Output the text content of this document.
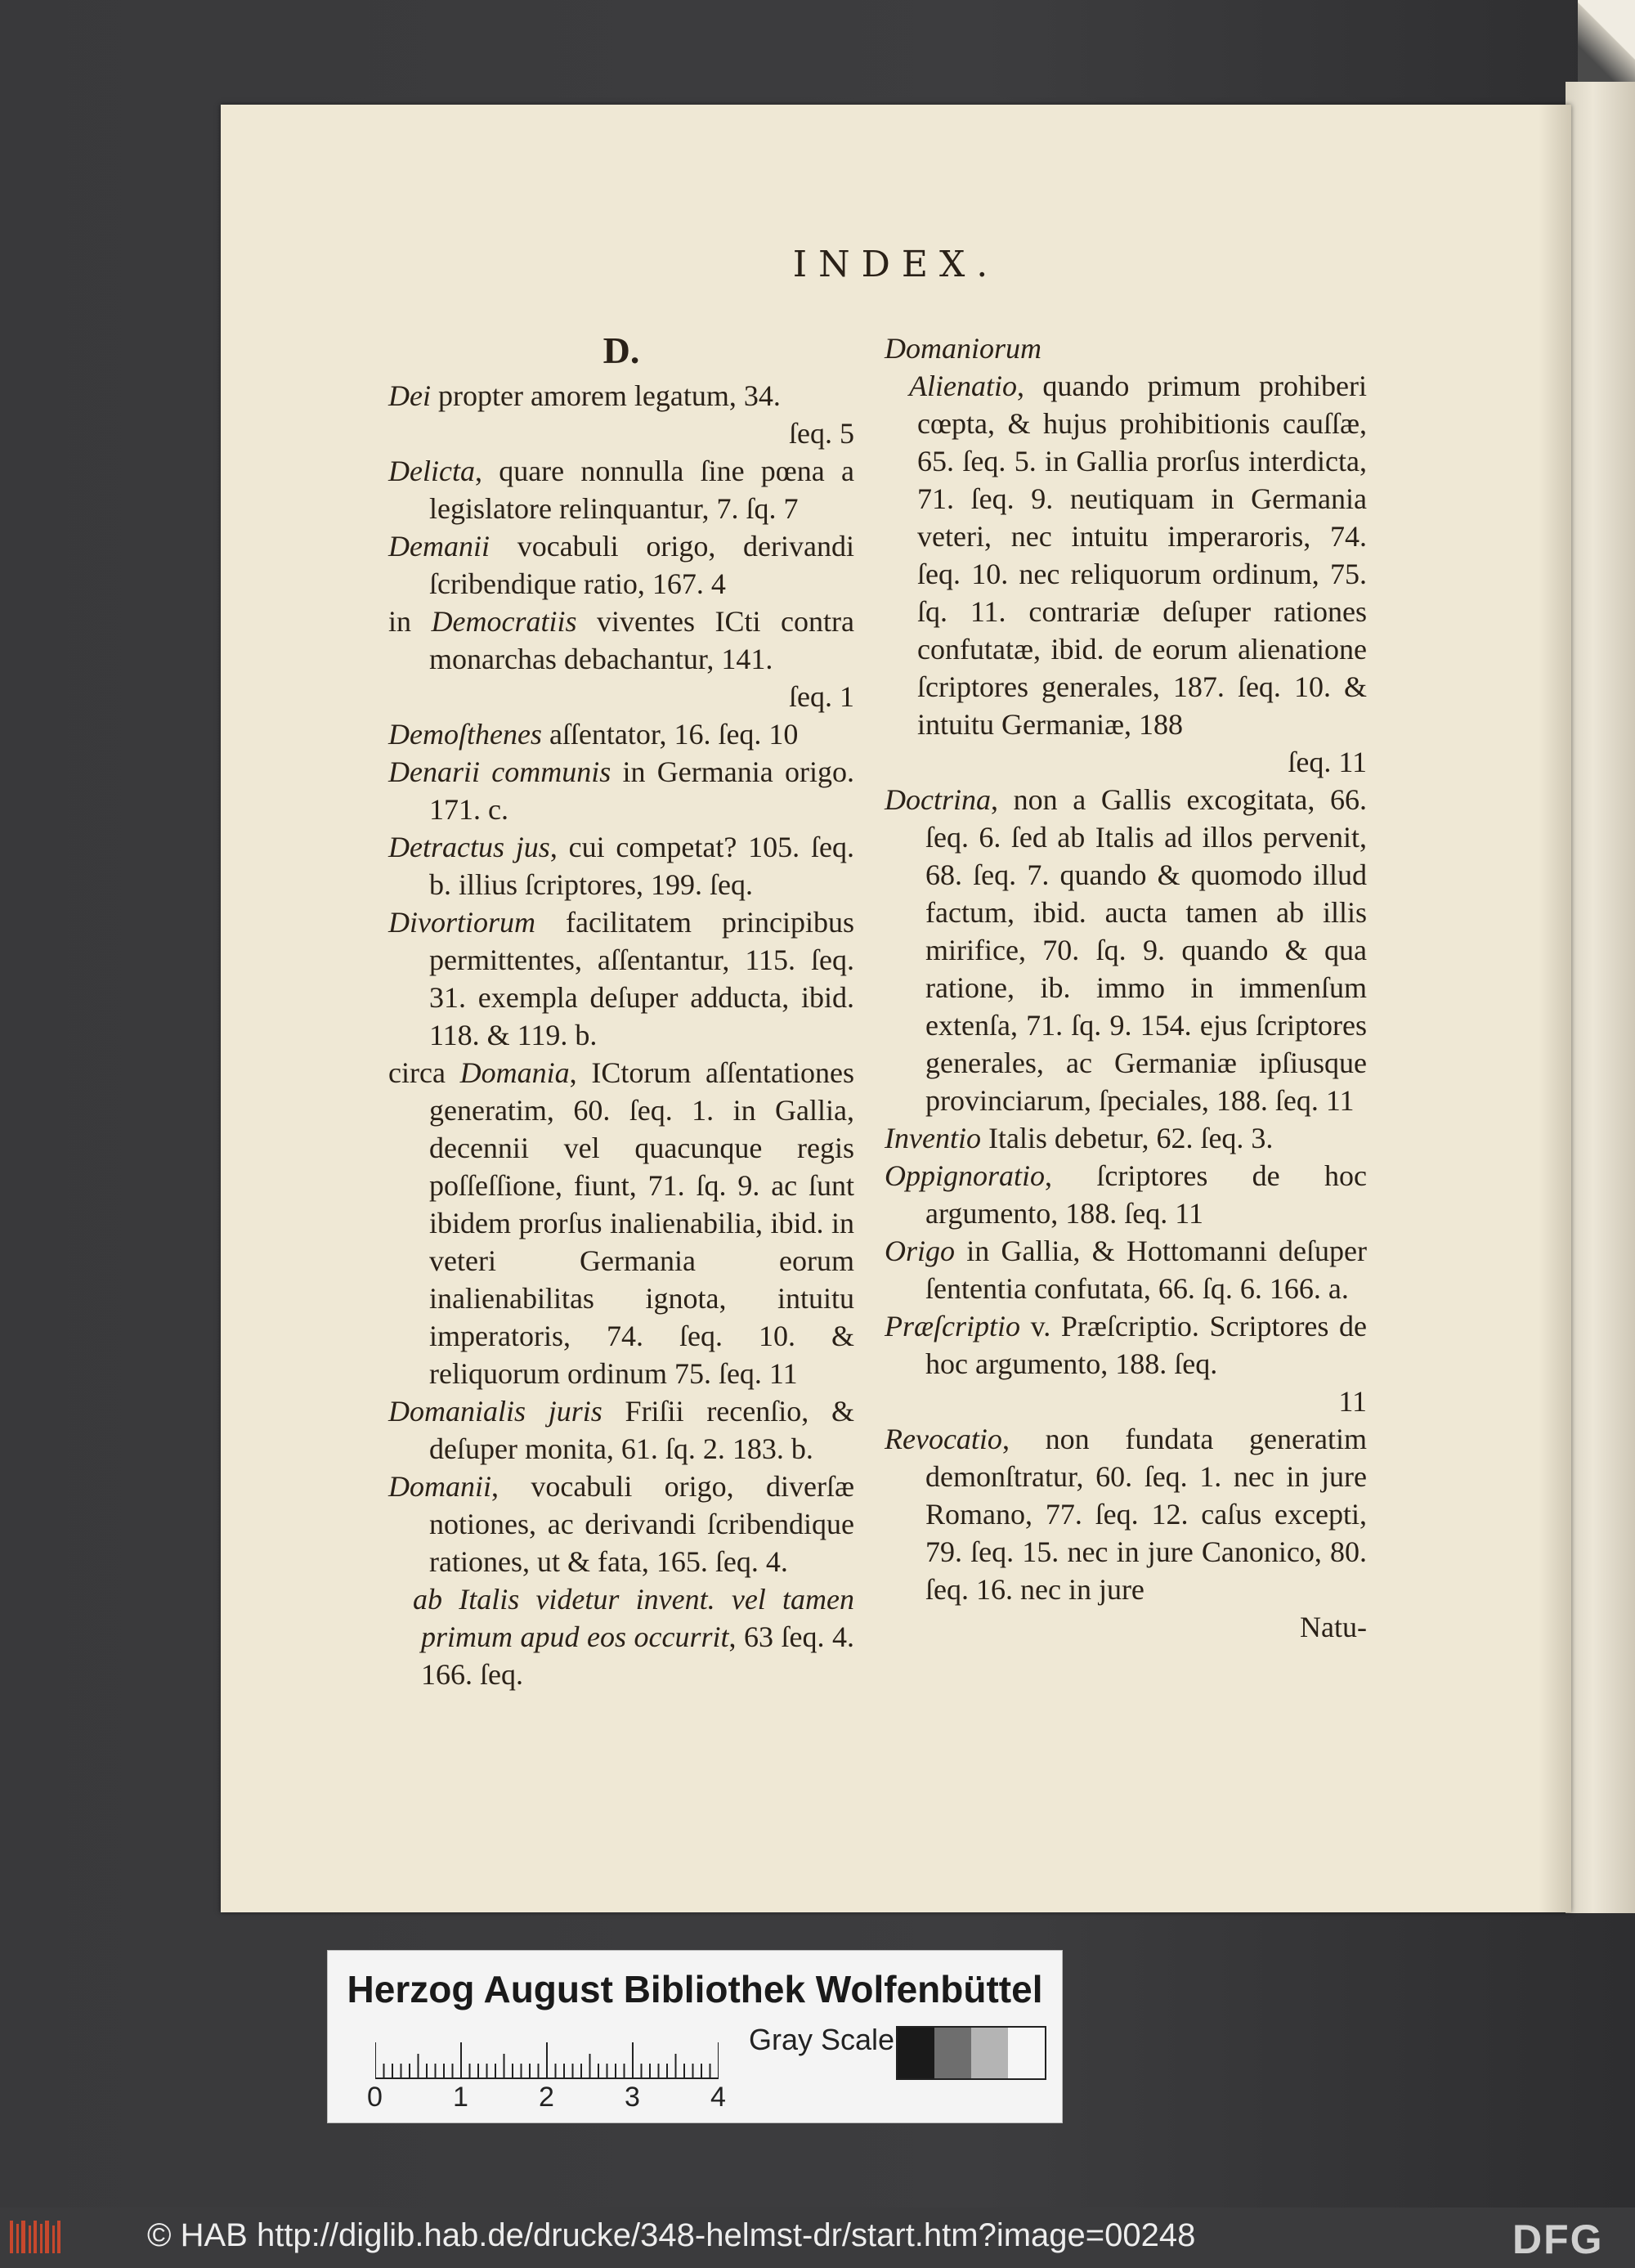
INDEX.
D.

Dei propter amorem legatum, 34.
ſeq. 5

Delicta, quare nonnulla ſine pœna a legislatore relinquantur, 7. ſq. 7

Demanii vocabuli origo, derivandi ſcribendique ratio, 167. 4

in Democratiis viventes ICti contra monarchas debachantur, 141.
ſeq. 1

Demoſthenes aſſentator, 16. ſeq. 10

Denarii communis in Germania origo. 171. c.

Detractus jus, cui competat? 105. ſeq. b. illius ſcriptores, 199. ſeq.

Divortiorum facilitatem principibus permittentes, aſſentantur, 115. ſeq. 31. exempla deſuper adducta, ibid. 118. & 119. b.

circa Domania, ICtorum aſſentationes generatim, 60. ſeq. 1. in Gallia, decennii vel quacunque regis poſſeſſione, fiunt, 71. ſq. 9. ac ſunt ibidem prorſus inalienabilia, ibid. in veteri Germania eorum inalienabilitas ignota, intuitu imperatoris, 74. ſeq. 10. & reliquorum ordinum 75. ſeq. 11

Domanialis juris Friſii recenſio, & deſuper monita, 61. ſq. 2. 183. b.

Domanii, vocabuli origo, diverſæ notiones, ac derivandi ſcribendique rationes, ut & fata, 165. ſeq. 4.

ab Italis videtur invent. vel tamen primum apud eos occurrit, 63 ſeq. 4. 166. ſeq.

Domaniorum

Alienatio, quando primum prohiberi cœpta, & hujus prohibitionis cauſſæ, 65. ſeq. 5. in Gallia prorſus interdicta, 71. ſeq. 9. neutiquam in Germania veteri, nec intuitu imperaroris, 74. ſeq. 10. nec reliquorum ordinum, 75. ſq. 11. contrariæ deſuper rationes confutatæ, ibid. de eorum alienatione ſcriptores generales, 187. ſeq. 10. & intuitu Germaniæ, 188
ſeq. 11

Doctrina, non a Gallis excogitata, 66. ſeq. 6. ſed ab Italis ad illos pervenit, 68. ſeq. 7. quando & quomodo illud factum, ibid. aucta tamen ab illis mirifice, 70. ſq. 9. quando & qua ratione, ib. immo in immenſum extenſa, 71. ſq. 9. 154. ejus ſcriptores generales, ac Germaniæ ipſiusque provinciarum, ſpeciales, 188. ſeq. 11

Inventio Italis debetur, 62. ſeq. 3.

Oppignoratio, ſcriptores de hoc argumento, 188. ſeq. 11

Origo in Gallia, & Hottomanni deſuper ſententia confutata, 66. ſq. 6. 166. a.

Præſcriptio v. Præſcriptio. Scriptores de hoc argumento, 188. ſeq.
11

Revocatio, non fundata generatim demonſtratur, 60. ſeq. 1. nec in jure Romano, 77. ſeq. 12. caſus excepti, 79. ſeq. 15. nec in jure Canonico, 80. ſeq. 16. nec in jure
Natu-

Herzog August Bibliothek Wolfenbüttel
0	1	2	3	4
Gray Scale
© HAB http://diglib.hab.de/drucke/348-helmst-dr/start.htm?image=00248	DFG
